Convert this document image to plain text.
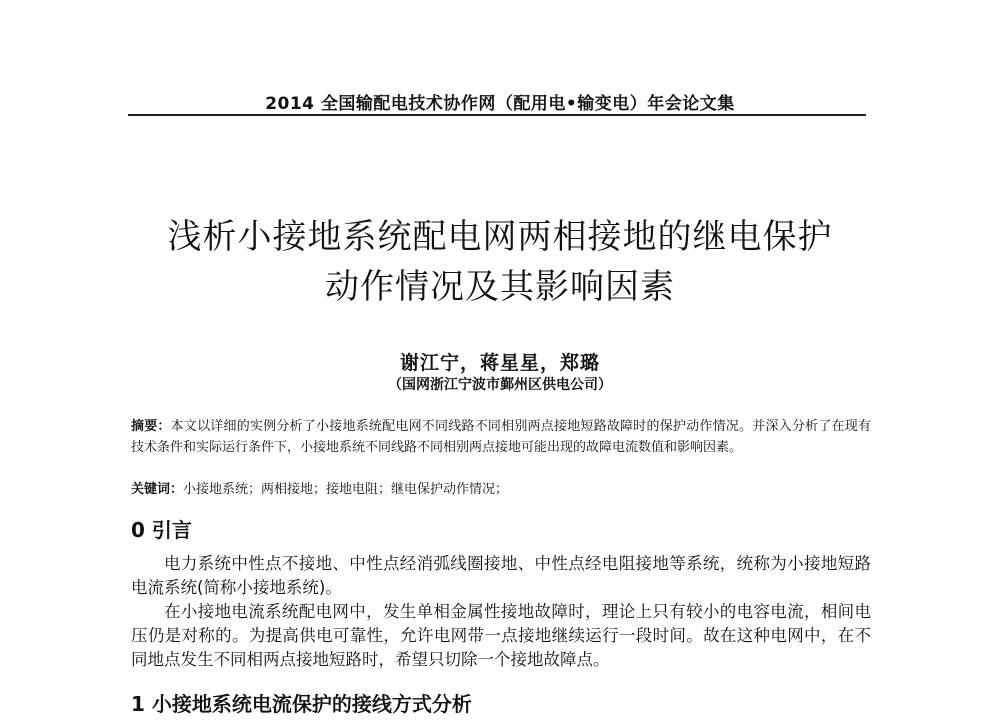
2014 全国输配电技术协作网（配用电•输变电）年会论文集
浅析小接地系统配电网两相接地的继电保护
动作情况及其影响因素
谢江宁，蒋星星，郑璐
（国网浙江宁波市鄞州区供电公司）
摘要：本文以详细的实例分析了小接地系统配电网不同线路不同相别两点接地短路故障时的保护动作情况。并深入分析了在现有技术条件和实际运行条件下，小接地系统不同线路不同相别两点接地可能出现的故障电流数值和影响因素。
关键词：小接地系统；两相接地；接地电阻；继电保护动作情况；
0 引言

电力系统中性点不接地、中性点经消弧线圈接地、中性点经电阻接地等系统，统称为小接地短路电流系统(简称小接地系统)。

在小接地电流系统配电网中，发生单相金属性接地故障时，理论上只有较小的电容电流，相间电压仍是对称的。为提高供电可靠性，允许电网带一点接地继续运行一段时间。故在这种电网中，在不同地点发生不同相两点接地短路时，希望只切除一个接地故障点。

1 小接地系统电流保护的接线方式分析
